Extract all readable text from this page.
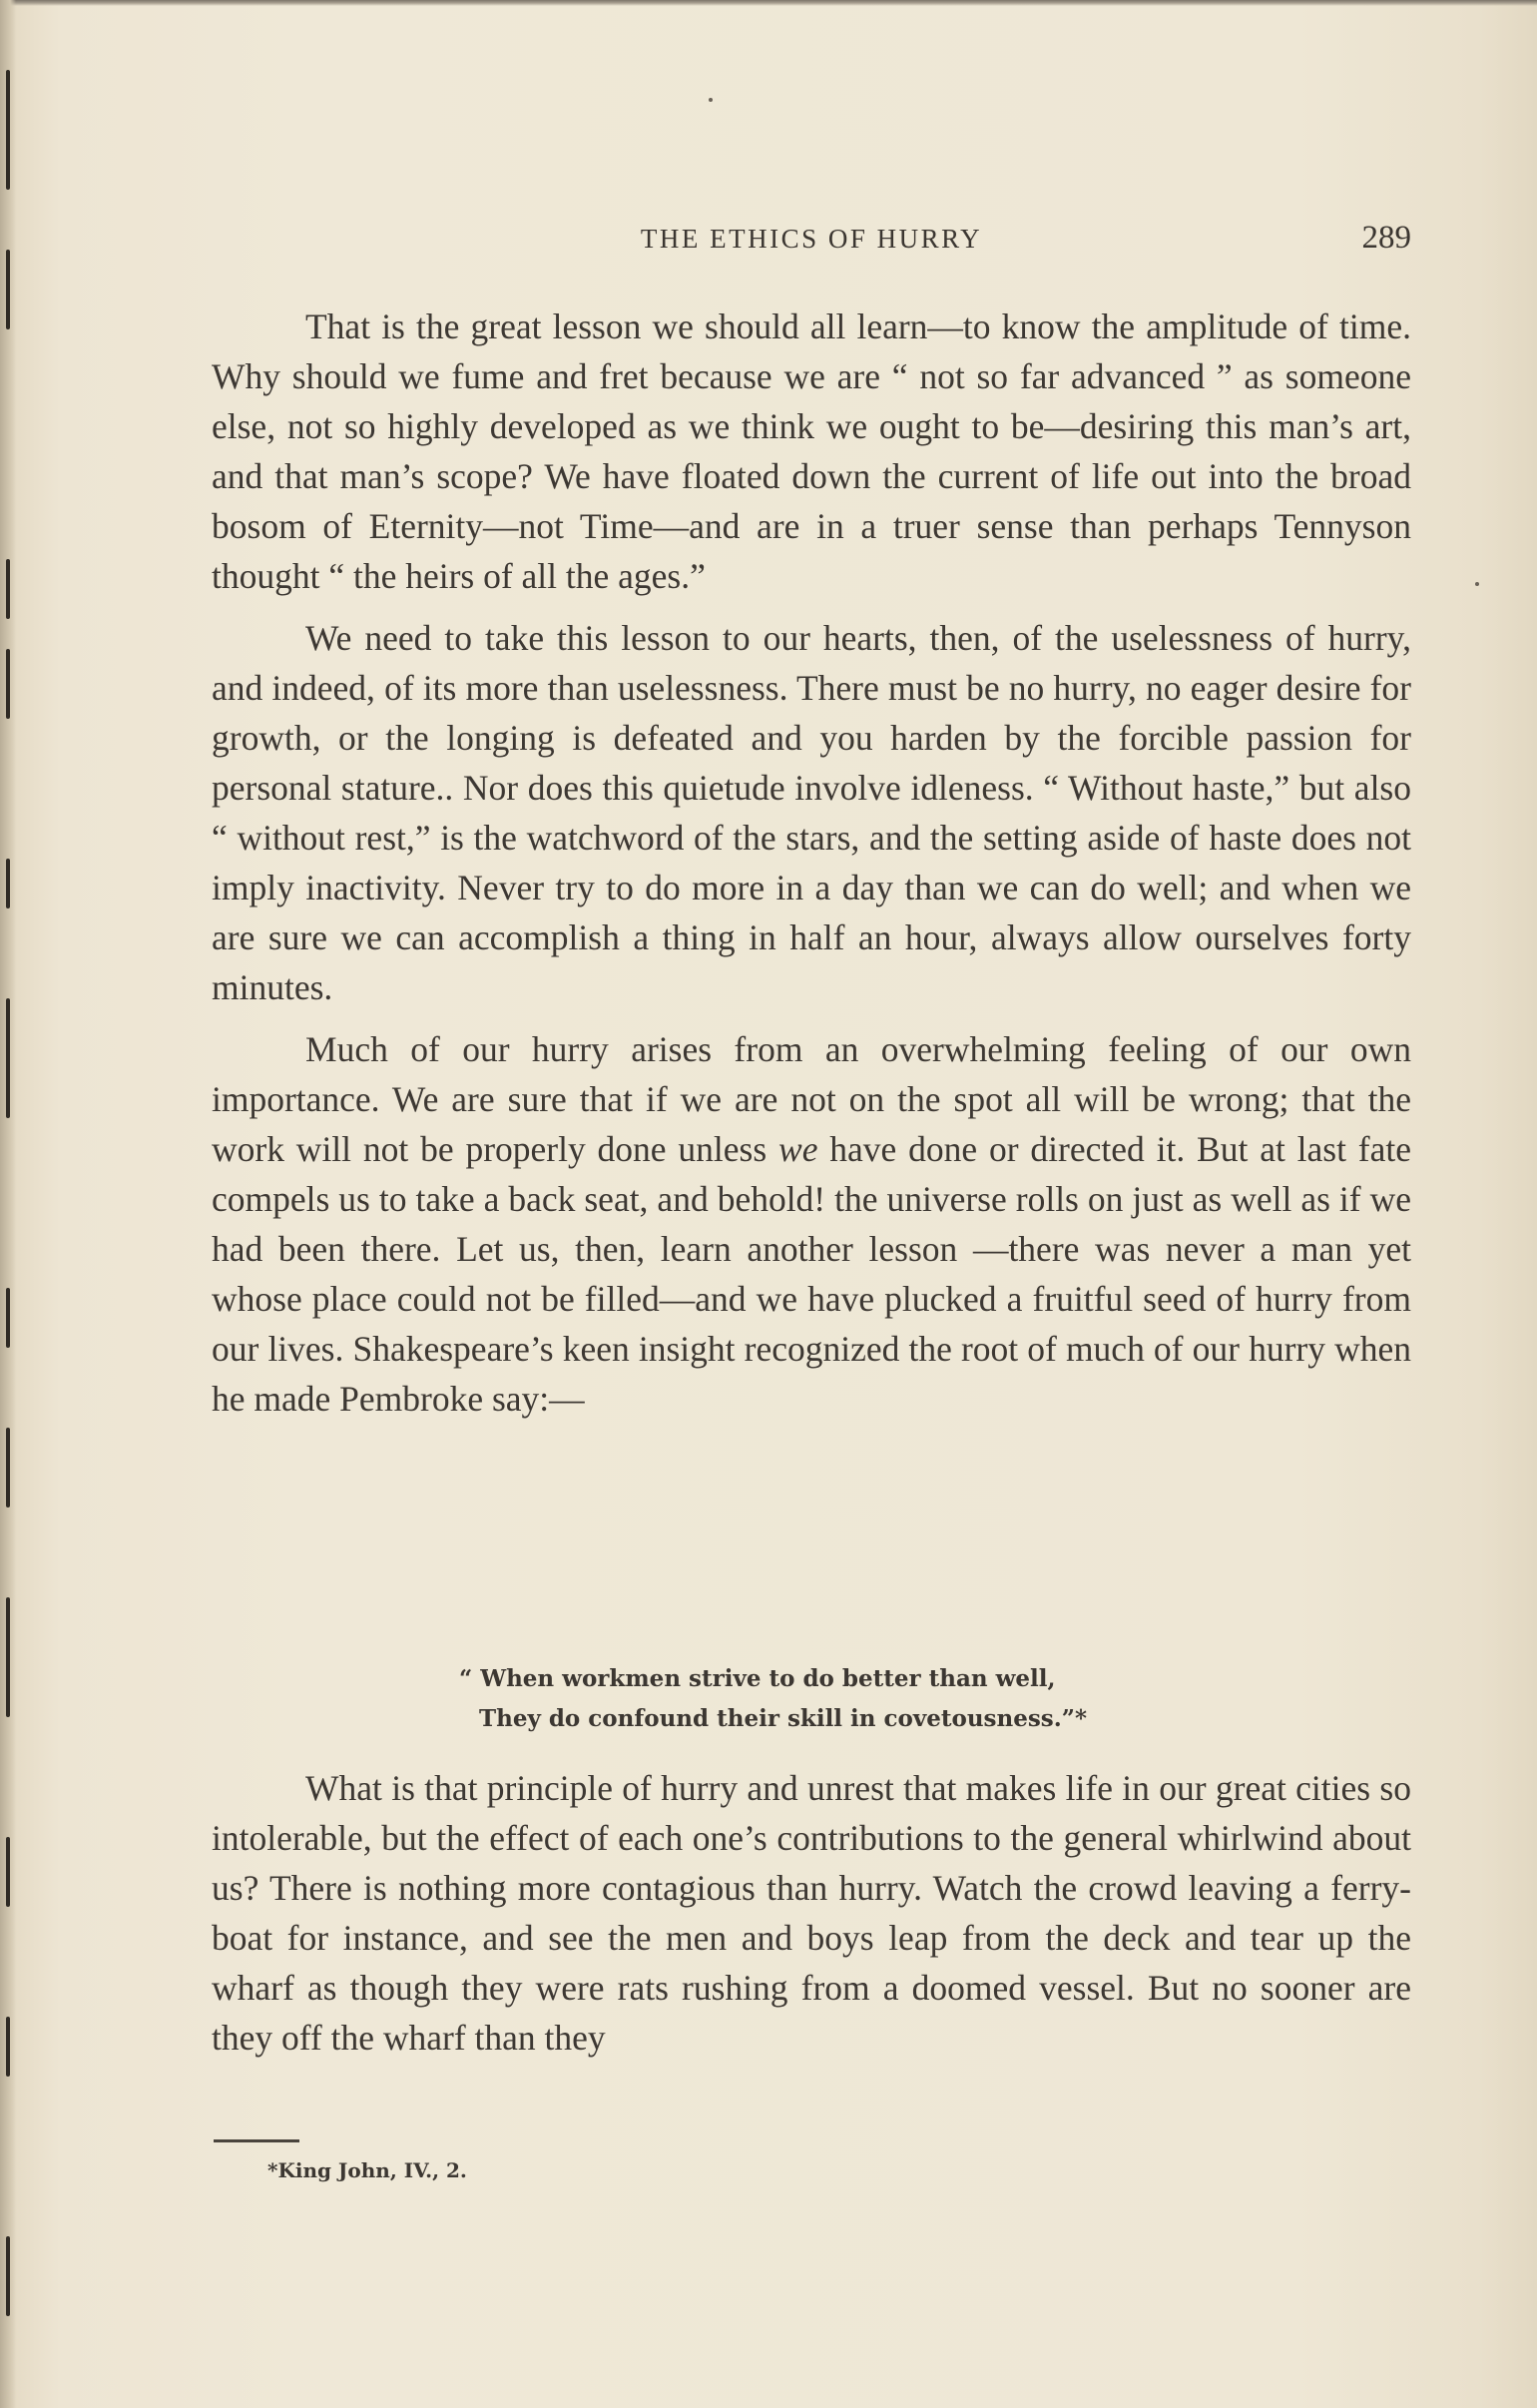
THE ETHICS OF HURRY	289

That is the great lesson we should all learn—to know the amplitude of time. Why should we fume and fret because we are “ not so far advanced ” as someone else, not so highly developed as we think we ought to be—desiring this man’s art, and that man’s scope? We have floated down the current of life out into the broad bosom of Eternity—not Time—and are in a truer sense than perhaps Tennyson thought “ the heirs of all the ages.”

We need to take this lesson to our hearts, then, of the uselessness of hurry, and indeed, of its more than uselessness. There must be no hurry, no eager desire for growth, or the longing is defeated and you harden by the forcible passion for personal stature.. Nor does this quietude involve idleness. “ Without haste,” but also “ without rest,” is the watchword of the stars, and the setting aside of haste does not imply inactivity. Never try to do more in a day than we can do well; and when we are sure we can accomplish a thing in half an hour, always allow ourselves forty minutes.

Much of our hurry arises from an overwhelming feeling of our own importance. We are sure that if we are not on the spot all will be wrong; that the work will not be properly done unless we have done or directed it. But at last fate compels us to take a back seat, and behold! the universe rolls on just as well as if we had been there. Let us, then, learn another lesson —there was never a man yet whose place could not be filled—and we have plucked a fruitful seed of hurry from our lives. Shakespeare’s keen insight recognized the root of much of our hurry when he made Pembroke say:—

“ When workmen strive to do better than well,
They do confound their skill in covetousness.”*

What is that principle of hurry and unrest that makes life in our great cities so intolerable, but the effect of each one’s contributions to the general whirlwind about us? There is nothing more contagious than hurry. Watch the crowd leaving a ferry-boat for instance, and see the men and boys leap from the deck and tear up the wharf as though they were rats rushing from a doomed vessel. But no sooner are they off the wharf than they

*King John, IV., 2.
